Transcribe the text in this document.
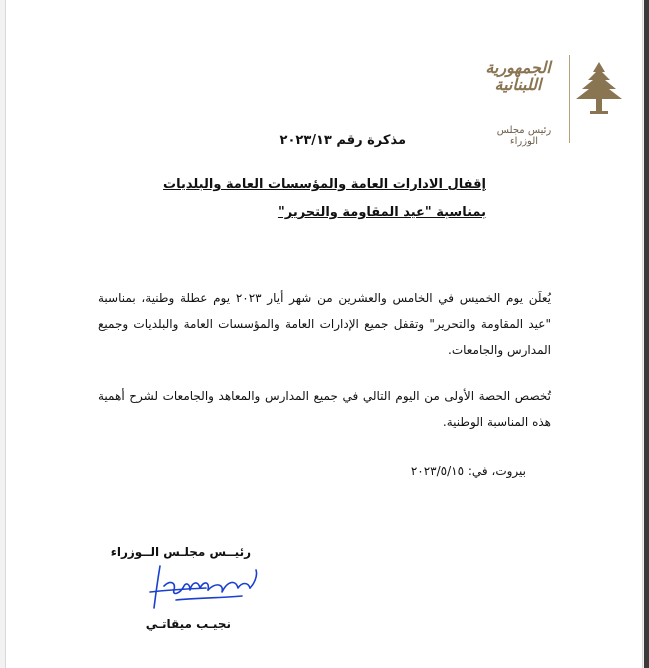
الجمهورية اللبنانية
رئيس مجلس الوزراء
مذكرة رقم ٢٠٢٣/١٣
إقفال الادارات العامة والمؤسسات العامة والبلديات
بمناسبة "عيد المقاومة والتحرير"
يُعلَن يوم الخميس في الخامس والعشرين من شهر أيار ٢٠٢٣ يوم عطلة وطنية، بمناسبة "عيد المقاومة والتحرير" وتقفل جميع الإدارات العامة والمؤسسات العامة والبلديات وجميع المدارس والجامعات.
تُخصص الحصة الأولى من اليوم التالي في جميع المدارس والمعاهد والجامعات لشرح أهمية هذه المناسبة الوطنية.
بيروت، في: ٢٠٢٣/٥/١٥
رئيــس مجلـس الــوزراء
نجيـب ميقاتـي
